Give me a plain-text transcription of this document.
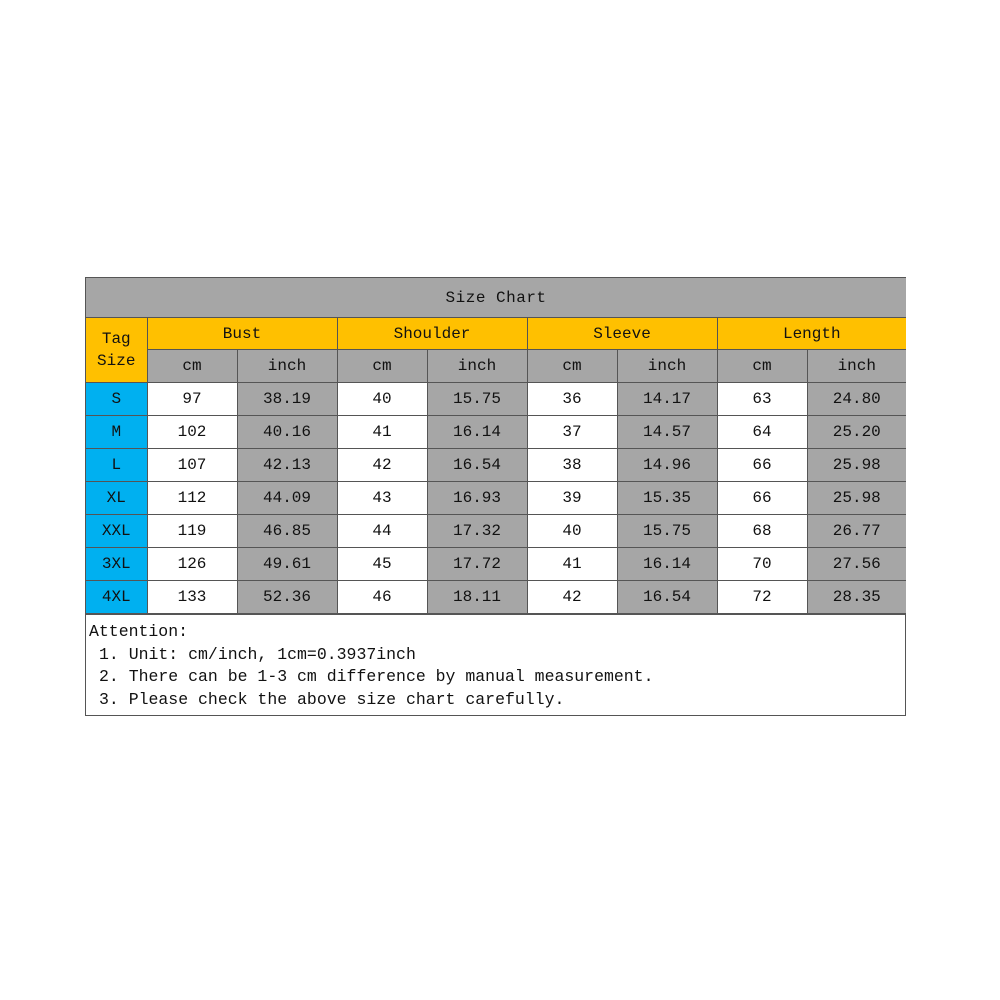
Size Chart								

Tag
Size	Bust		Shoulder		Sleeve		Length	
	cm	inch	cm	inch	cm	inch	cm	inch
S	97	38.19	40	15.75	36	14.17	63	24.80
M	102	40.16	41	16.14	37	14.57	64	25.20
L	107	42.13	42	16.54	38	14.96	66	25.98
XL	112	44.09	43	16.93	39	15.35	66	25.98
XXL	119	46.85	44	17.32	40	15.75	68	26.77
3XL	126	49.61	45	17.72	41	16.14	70	27.56
4XL	133	52.36	46	18.11	42	16.54	72	28.35
Attention:
1. Unit: cm/inch, 1cm=0.3937inch
2. There can be 1-3 cm difference by manual measurement.
3. Please check the above size chart carefully.
